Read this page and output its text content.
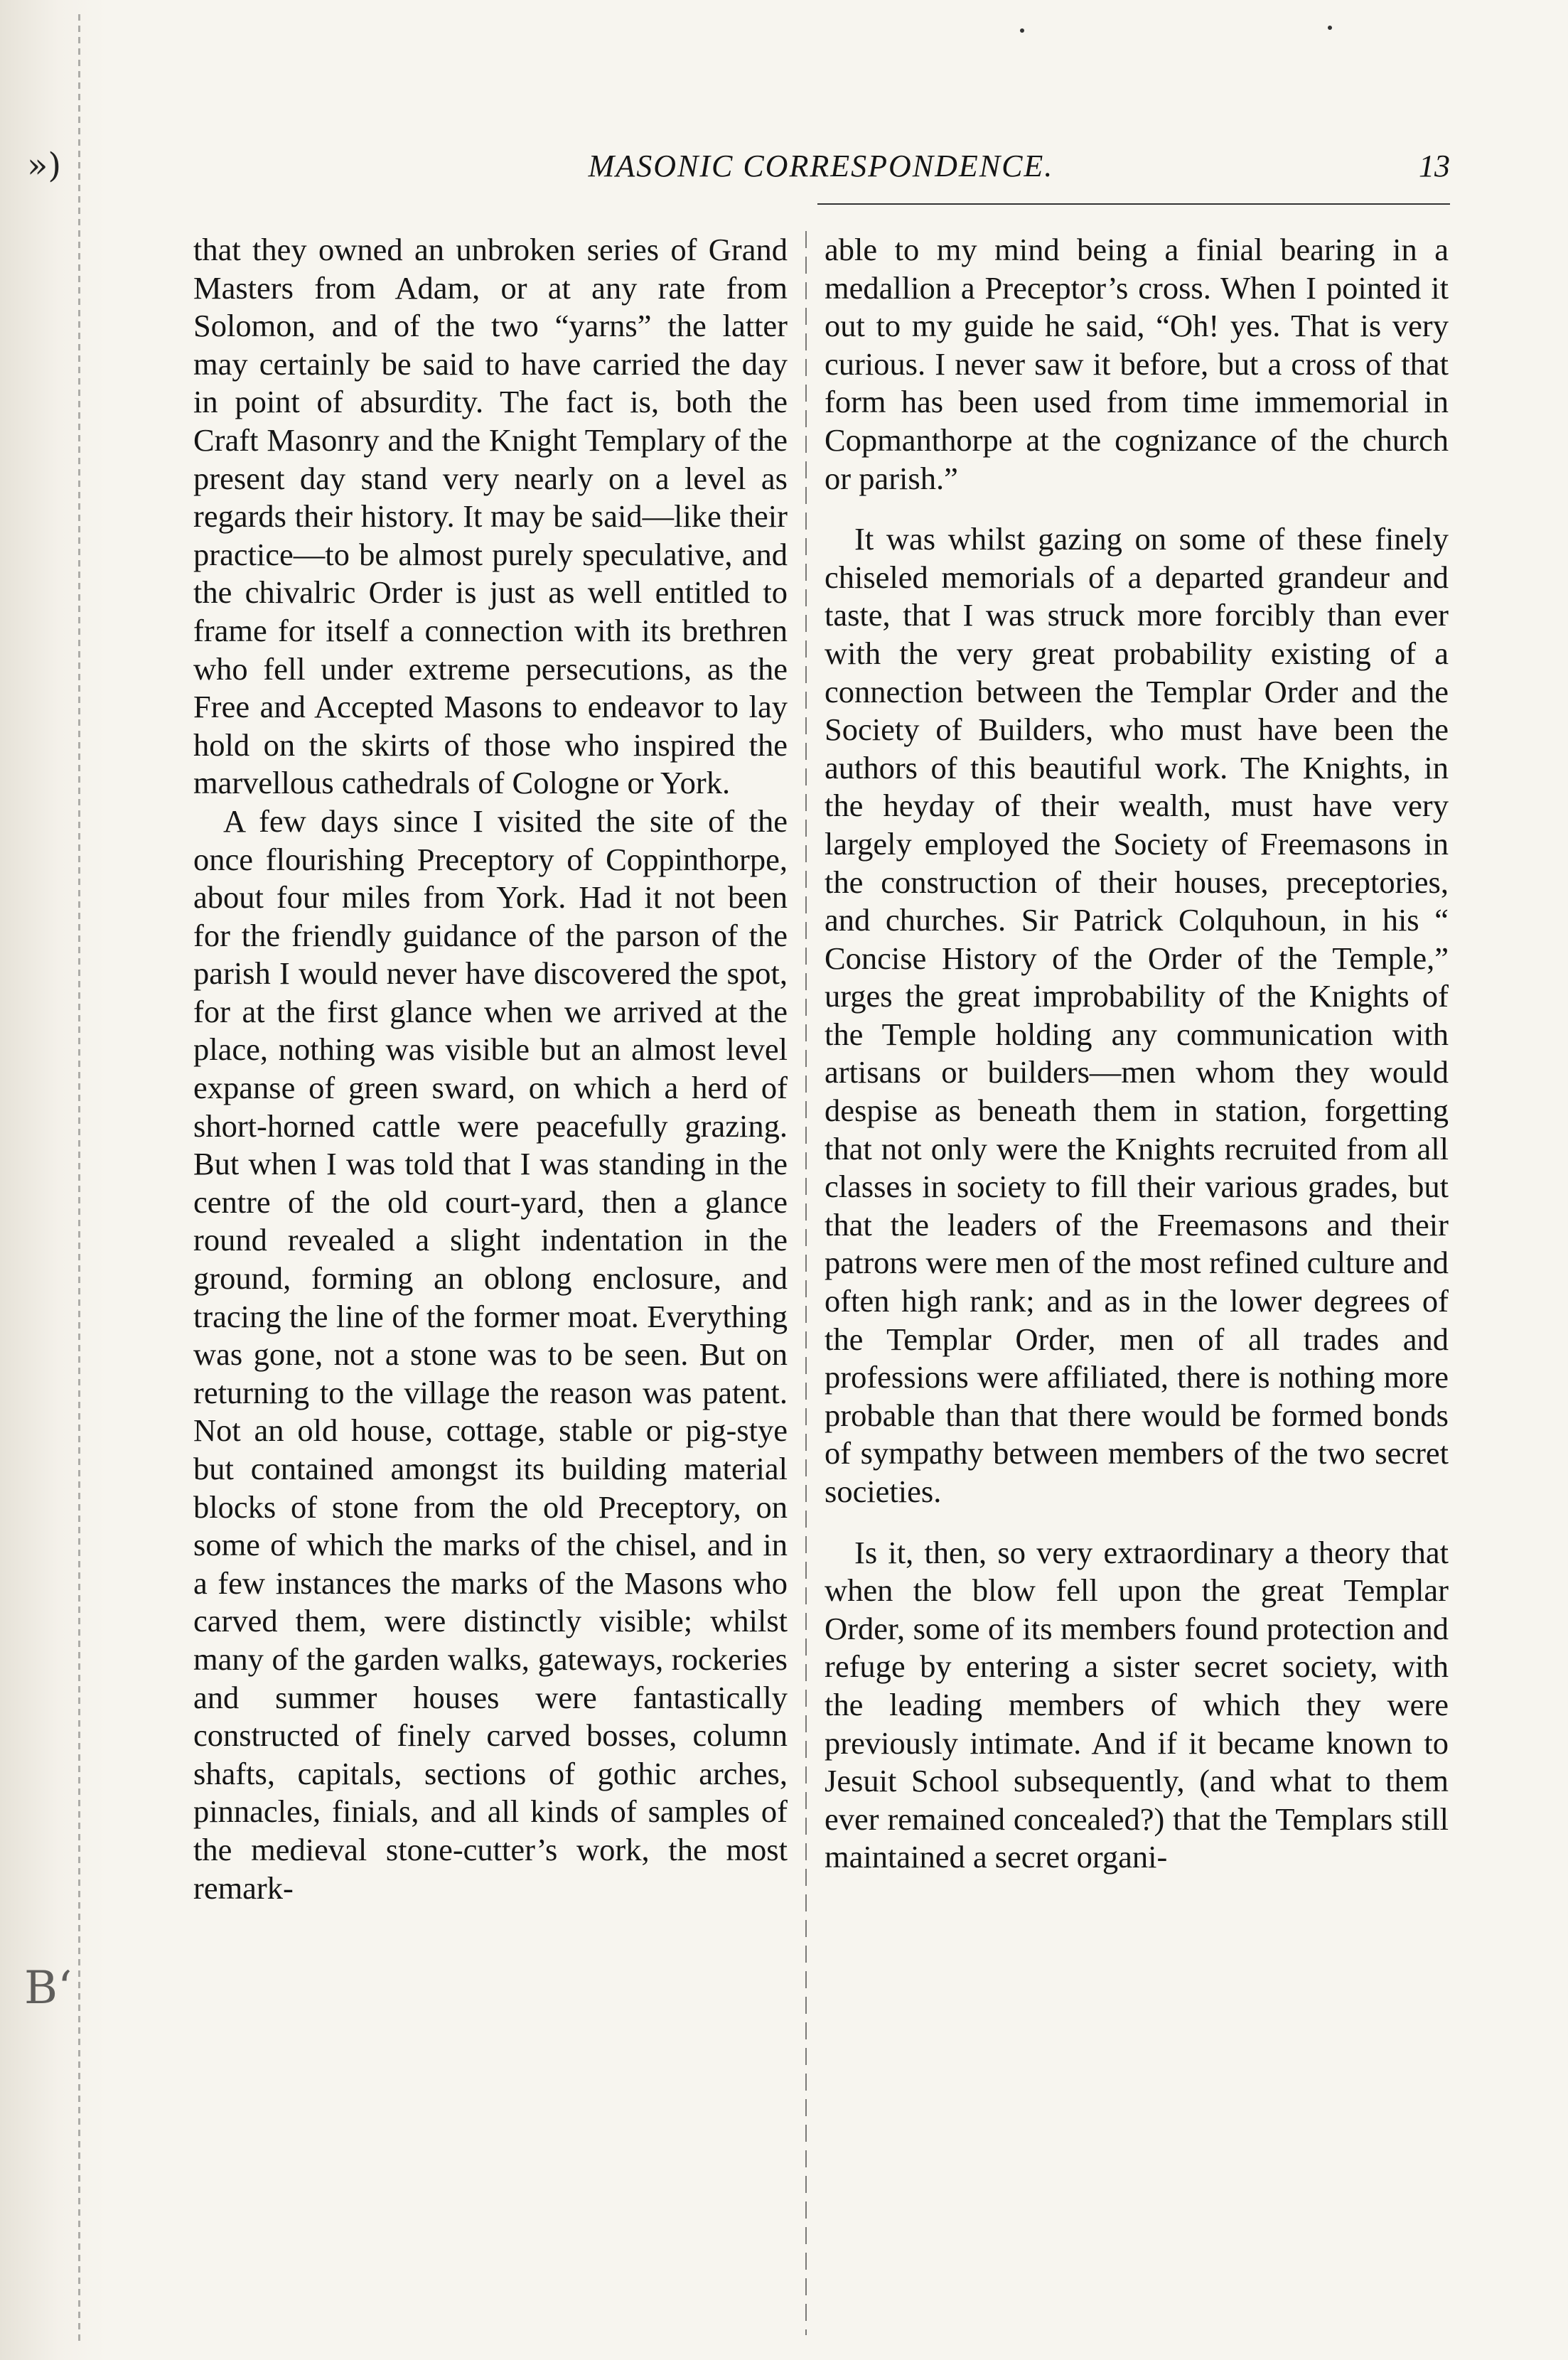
»)
B‘
MASONIC CORRESPONDENCE.	13

that they owned an unbroken series of Grand Masters from Adam, or at any rate from Solomon, and of the two “yarns” the latter may certainly be said to have carried the day in point of absurdity. The fact is, both the Craft Masonry and the Knight Templary of the present day stand very nearly on a level as regards their history. It may be said—like their practice—to be almost purely speculative, and the chivalric Order is just as well entitled to frame for itself a connection with its brethren who fell under extreme persecutions, as the Free and Accepted Masons to endeavor to lay hold on the skirts of those who inspired the marvellous cathedrals of Cologne or York.

A few days since I visited the site of the once flourishing Preceptory of Coppinthorpe, about four miles from York. Had it not been for the friendly guidance of the parson of the parish I would never have discovered the spot, for at the first glance when we arrived at the place, nothing was visible but an almost level expanse of green sward, on which a herd of short-horned cattle were peacefully grazing. But when I was told that I was standing in the centre of the old court-yard, then a glance round revealed a slight indentation in the ground, forming an oblong enclosure, and tracing the line of the former moat. Everything was gone, not a stone was to be seen. But on returning to the village the reason was patent. Not an old house, cottage, stable or pig-stye but contained amongst its building material blocks of stone from the old Preceptory, on some of which the marks of the chisel, and in a few instances the marks of the Masons who carved them, were distinctly visible; whilst many of the garden walks, gateways, rockeries and summer houses were fantastically constructed of finely carved bosses, column shafts, capitals, sections of gothic arches, pinnacles, finials, and all kinds of samples of the medieval stone-cutter’s work, the most remark-

able to my mind being a finial bearing in a medallion a Preceptor’s cross. When I pointed it out to my guide he said, “Oh! yes. That is very curious. I never saw it before, but a cross of that form has been used from time immemorial in Copmanthorpe at the cognizance of the church or parish.”

It was whilst gazing on some of these finely chiseled memorials of a departed grandeur and taste, that I was struck more forcibly than ever with the very great probability existing of a connection between the Templar Order and the Society of Builders, who must have been the authors of this beautiful work. The Knights, in the heyday of their wealth, must have very largely employed the Society of Freemasons in the construction of their houses, preceptories, and churches. Sir Patrick Colquhoun, in his “ Concise History of the Order of the Temple,” urges the great improbability of the Knights of the Temple holding any communication with artisans or builders—men whom they would despise as beneath them in station, forgetting that not only were the Knights recruited from all classes in society to fill their various grades, but that the leaders of the Freemasons and their patrons were men of the most refined culture and often high rank; and as in the lower degrees of the Templar Order, men of all trades and professions were affiliated, there is nothing more probable than that there would be formed bonds of sympathy between members of the two secret societies.

Is it, then, so very extraordinary a theory that when the blow fell upon the great Templar Order, some of its members found protection and refuge by entering a sister secret society, with the leading members of which they were previously intimate. And if it became known to Jesuit School subsequently, (and what to them ever remained concealed?) that the Templars still maintained a secret organi-
